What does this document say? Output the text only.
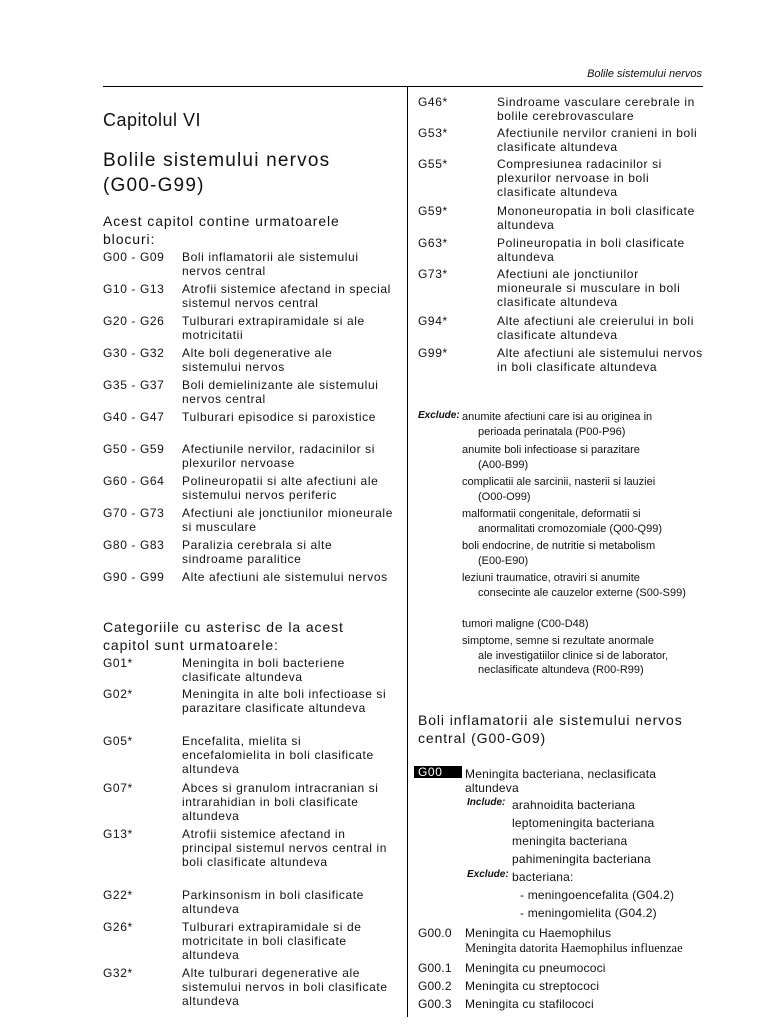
Bolile sistemului nervos
Capitolul VI
Bolile sistemului nervos
(G00-G99)
Acest capitol contine urmatoarele blocuri:
G00 - G09 Boli inflamatorii ale sistemului nervos central
G10 - G13 Atrofii sistemice afectand in special sistemul nervos central
G20 - G26 Tulburari extrapiramidale si ale motricitatii
G30 - G32 Alte boli degenerative ale sistemului nervos
G35 - G37 Boli demielinizante ale sistemului nervos central
G40 - G47 Tulburari episodice si paroxistice
G50 - G59 Afectiunile nervilor, radacinilor si plexurilor nervoase
G60 - G64 Polineuropatii si alte afectiuni ale sistemului nervos periferic
G70 - G73 Afectiuni ale jonctiunilor mioneurale si musculare
G80 - G83 Paralizia cerebrala si alte sindroame paralitice
G90 - G99 Alte afectiuni ale sistemului nervos
Categoriile cu asterisc de la acest capitol sunt urmatoarele:
G01*	Meningita in boli bacteriene clasificate altundeva
G02*	Meningita in alte boli infectioase si parazitare clasificate altundeva
G05*	Encefalita, mielita si encefalomielita in boli clasificate altundeva
G07*	Abces si granulom intracranian si intrarahidian in boli clasificate altundeva
G13*	Atrofii sistemice afectand in principal sistemul nervos central in boli clasificate altundeva
G22*	Parkinsonism in boli clasificate altundeva
G26*	Tulburari extrapiramidale si de motricitate in boli clasificate altundeva
G32*	Alte tulburari degenerative ale sistemului nervos in boli clasificate altundeva
G46*	Sindroame vasculare cerebrale in bolile cerebrovasculare
G53*	Afectiunile nervilor cranieni in boli clasificate altundeva
G55*	Compresiunea radacinilor si plexurilor nervoase in boli clasificate altundeva
G59*	Mononeuropatia in boli clasificate altundeva
G63*	Polineuropatia in boli clasificate altundeva
G73*	Afectiuni ale jonctiunilor mioneurale si musculare in boli clasificate altundeva
G94*	Alte afectiuni ale creierului in boli clasificate altundeva
G99*	Alte afectiuni ale sistemului nervos in boli clasificate altundeva
Exclude: anumite afectiuni care isi au originea in
perioada perinatala (P00-P96)
anumite boli infectioase si parazitare
(A00-B99)
complicatii ale sarcinii, nasterii si lauziei
(O00-O99)
malformatii congenitale, deformatii si
anormalitati cromozomiale (Q00-Q99)
boli endocrine, de nutritie si metabolism
(E00-E90)
leziuni traumatice, otraviri si anumite
consecinte ale cauzelor externe (S00-S99)
tumori maligne (C00-D48)
simptome, semne si rezultate anormale
ale investigatiilor clinice si de laborator, neclasificate altundeva (R00-R99)
Boli inflamatorii ale sistemului nervos central (G00-G09)
G00 Meningita bacteriana, neclasificata altundeva
Include: arahnoidita bacteriana
leptomeningita bacteriana
meningita bacteriana
pahimeningita bacteriana
Exclude: bacteriana:
- meningoencefalita (G04.2)
- meningomielita (G04.2)
G00.0 Meningita cu Haemophilus
Meningita datorita Haemophilus influenzae
G00.1 Meningita cu pneumococi
G00.2 Meningita cu streptococi
G00.3 Meningita cu stafilococi
